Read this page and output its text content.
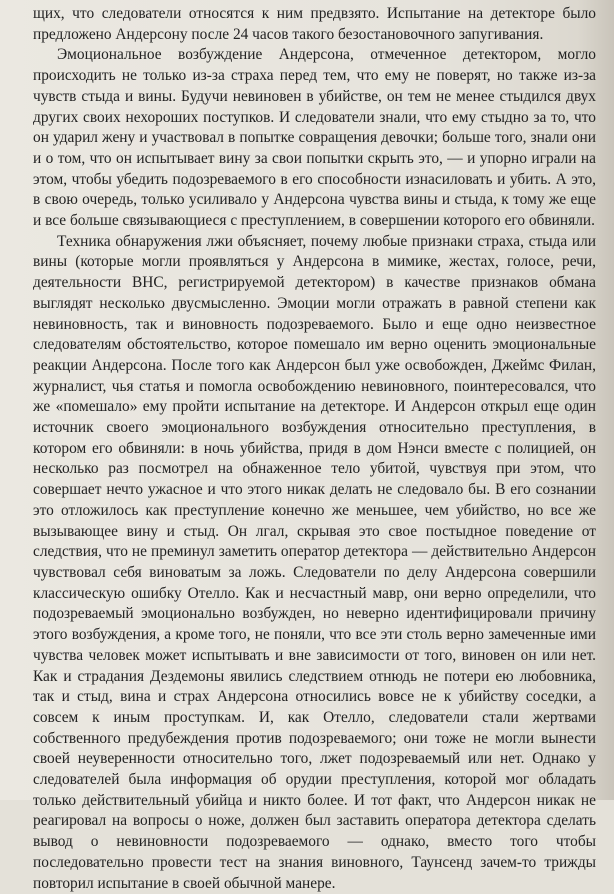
щих, что следователи относятся к ним предвзято. Испытание на детекторе было предложено Андерсону после 24 часов такого безостановочного запугивания.

Эмоциональное возбуждение Андерсона, отмеченное детектором, могло происходить не только из-за страха перед тем, что ему не поверят, но также из-за чувств стыда и вины. Будучи невиновен в убийстве, он тем не менее стыдился двух других своих нехороших поступков. И следователи знали, что ему стыдно за то, что он ударил жену и участвовал в попытке совращения девочки; больше того, знали они и о том, что он испытывает вину за свои попытки скрыть это, — и упорно играли на этом, чтобы убедить подозреваемого в его способности изнасиловать и убить. А это, в свою очередь, только усиливало у Андерсона чувства вины и стыда, к тому же еще и все больше связывающиеся с преступлением, в совершении которого его обвиняли.

Техника обнаружения лжи объясняет, почему любые признаки страха, стыда или вины (которые могли проявляться у Андерсона в мимике, жестах, голосе, речи, деятельности ВНС, регистрируемой детектором) в качестве признаков обмана выглядят несколько двусмысленно. Эмоции могли отражать в равной степени как невиновность, так и виновность подозреваемого. Было и еще одно неизвестное следователям обстоятельство, которое помешало им верно оценить эмоциональные реакции Андерсона. После того как Андерсон был уже освобожден, Джеймс Филан, журналист, чья статья и помогла освобождению невиновного, поинтересовался, что же «помешало» ему пройти испытание на детекторе. И Андерсон открыл еще один источник своего эмоционального возбуждения относительно преступления, в котором его обвиняли: в ночь убийства, придя в дом Нэнси вместе с полицией, он несколько раз посмотрел на обнаженное тело убитой, чувствуя при этом, что совершает нечто ужасное и что этого никак делать не следовало бы. В его сознании это отложилось как преступление конечно же меньшее, чем убийство, но все же вызывающее вину и стыд. Он лгал, скрывая это свое постыдное поведение от следствия, что не преминул заметить оператор детектора — действительно Андерсон чувствовал себя виноватым за ложь. Следователи по делу Андерсона совершили классическую ошибку Отелло. Как и несчастный мавр, они верно определили, что подозреваемый эмоционально возбужден, но неверно идентифицировали причину этого возбуждения, а кроме того, не поняли, что все эти столь верно замеченные ими чувства человек может испытывать и вне зависимости от того, виновен он или нет. Как и страдания Дездемоны явились следствием отнюдь не потери ею любовника, так и стыд, вина и страх Андерсона относились вовсе не к убийству соседки, а совсем к иным проступкам. И, как Отелло, следователи стали жертвами собственного предубеждения против подозреваемого; они тоже не могли вынести своей неуверенности относительно того, лжет подозреваемый или нет. Однако у следователей была информация об орудии преступления, которой мог обладать только действительный убийца и никто более. И тот факт, что Андерсон никак не реагировал на вопросы о ноже, должен был заставить оператора детектора сделать вывод о невиновности подозреваемого — однако, вместо того чтобы последовательно провести тест на знания виновного, Таунсенд зачем-то трижды повторил испытание в своей обычной манере.
